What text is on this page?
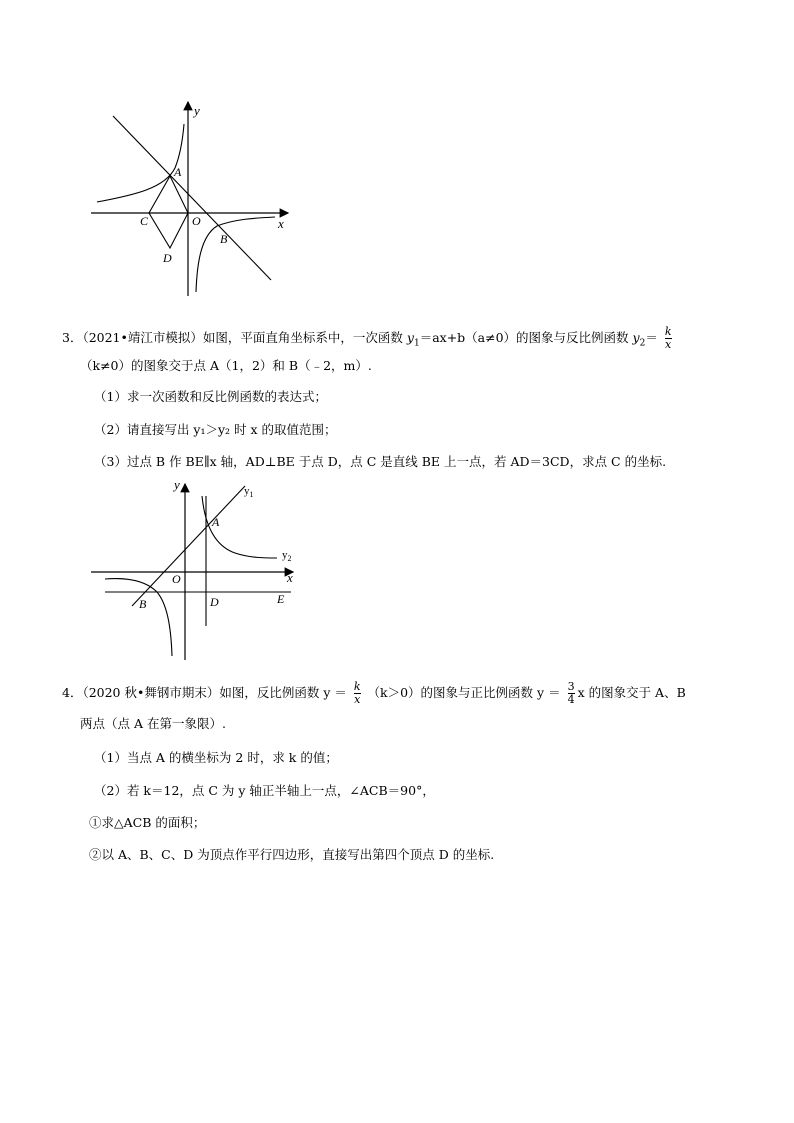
y
A
C	O	x
B
D
3．（2021•靖江市模拟）如图，平面直角坐标系中，一次函数 $y_1=ax+b(a\ne 0)$的图象与反比例函数 $y_2= \frac{k}{x}$
（k≠0）的图象交于点 A（1，2）和 B（﹣2，m）.
（1）求一次函数和反比例函数的表达式；
（2）请直接写出 y₁＞y₂ 时 x 的取值范围；
（3）过点 B 作 BE∥x 轴，AD⊥BE 于点 D，点 C 是直线 BE 上一点，若 AD＝3CD，求点 C 的坐标.
y	$y_1$
A
$y_2$
O	x
B	D	E
4．（2020 秋•舞钢市期末）如图，反比例函数 $y = \frac{k}{x} (k>0)$的图象与正比例函数 $y = \frac{3}{4}$ x 的图象交于 A、B
两点（点 A 在第一象限）.
（1）当点 A 的横坐标为 2 时，求 k 的值；
（2）若 k＝12，点 C 为 y 轴正半轴上一点，∠ACB＝90°，
①求△ACB 的面积；
②以 A、B、C、D 为顶点作平行四边形，直接写出第四个顶点 D 的坐标.
